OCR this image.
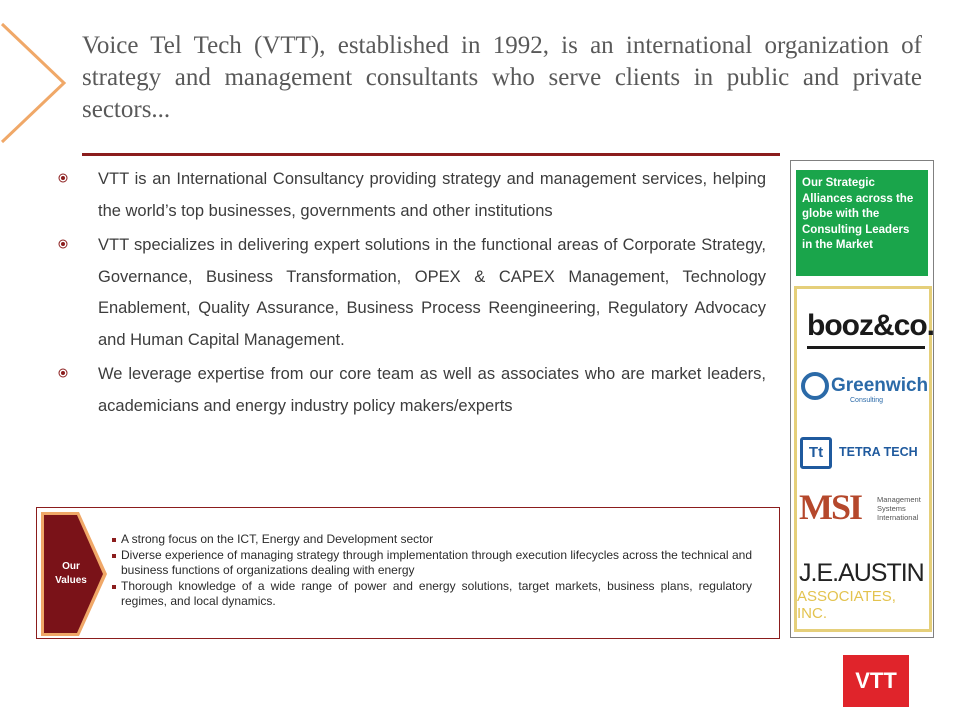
Voice Tel Tech (VTT), established in 1992, is an international organization of strategy and management consultants who serve clients in public and private sectors...
VTT is an International Consultancy providing strategy and management services, helping the world’s top businesses, governments and other institutions
VTT specializes in delivering expert solutions in the functional areas of Corporate Strategy, Governance, Business Transformation, OPEX & CAPEX Management, Technology Enablement, Quality Assurance, Business Process Reengineering, Regulatory Advocacy and Human Capital Management.
We leverage expertise from our core team as well as associates who are market leaders, academicians and energy industry policy makers/experts
Our Strategic Alliances across the globe with the Consulting Leaders in the Market
booz&co.
Greenwich
Consulting
Tt	TETRA TECH
MSI Management Systems International
J.E.AUSTIN
ASSOCIATES, INC.
Our Values
A strong focus on the ICT, Energy and Development sector
Diverse experience of managing strategy through implementation through execution lifecycles across the technical and business functions of organizations dealing with energy
Thorough knowledge of a wide range of power and energy solutions, target markets, business plans, regulatory regimes, and local dynamics.
VTT
